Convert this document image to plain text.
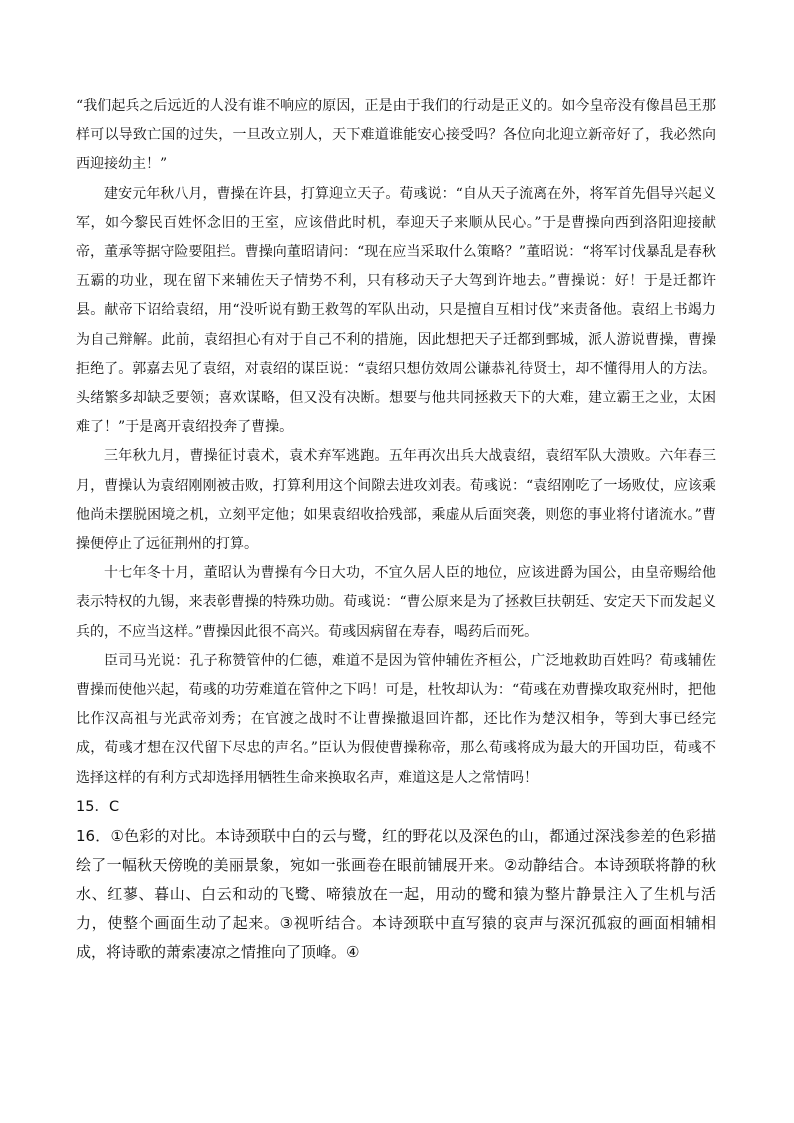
“我们起兵之后远近的人没有谁不响应的原因，正是由于我们的行动是正义的。如今皇帝没有像昌邑王那样可以导致亡国的过失，一旦改立别人，天下难道谁能安心接受吗？各位向北迎立新帝好了，我必然向西迎接幼主！”

建安元年秋八月，曹操在许县，打算迎立天子。荀彧说：“自从天子流离在外，将军首先倡导兴起义军，如今黎民百姓怀念旧的王室，应该借此时机，奉迎天子来顺从民心。”于是曹操向西到洛阳迎接献帝，董承等据守险要阻拦。曹操向董昭请问：“现在应当采取什么策略？”董昭说：“将军讨伐暴乱是春秋五霸的功业，现在留下来辅佐天子情势不利，只有移动天子大驾到许地去。”曹操说：好！于是迁都许县。献帝下诏给袁绍，用“没听说有勤王救驾的军队出动，只是擅自互相讨伐”来责备他。袁绍上书竭力为自己辩解。此前，袁绍担心有对于自己不利的措施，因此想把天子迁都到鄄城，派人游说曹操，曹操拒绝了。郭嘉去见了袁绍，对袁绍的谋臣说：“袁绍只想仿效周公谦恭礼待贤士，却不懂得用人的方法。头绪繁多却缺乏要领；喜欢谋略，但又没有决断。想要与他共同拯救天下的大难，建立霸王之业，太困难了！”于是离开袁绍投奔了曹操。

三年秋九月，曹操征讨袁术，袁术弃军逃跑。五年再次出兵大战袁绍，袁绍军队大溃败。六年春三月，曹操认为袁绍刚刚被击败，打算利用这个间隙去进攻刘表。荀彧说：“袁绍刚吃了一场败仗，应该乘他尚未摆脱困境之机，立刻平定他；如果袁绍收拾残部，乘虚从后面突袭，则您的事业将付诸流水。”曹操便停止了远征荆州的打算。

十七年冬十月，董昭认为曹操有今日大功，不宜久居人臣的地位，应该进爵为国公，由皇帝赐给他表示特权的九锡，来表彰曹操的特殊功勋。荀彧说：“曹公原来是为了拯救巨扶朝廷、安定天下而发起义兵的，不应当这样。”曹操因此很不高兴。荀彧因病留在寿春，喝药后而死。

臣司马光说：孔子称赞管仲的仁德，难道不是因为管仲辅佐齐桓公，广泛地救助百姓吗？荀彧辅佐曹操而使他兴起，荀彧的功劳难道在管仲之下吗！可是，杜牧却认为：“荀彧在劝曹操攻取兖州时，把他比作汉高祖与光武帝刘秀；在官渡之战时不让曹操撤退回许都，还比作为楚汉相争，等到大事已经完成，荀彧才想在汉代留下尽忠的声名。”臣认为假使曹操称帝，那么荀彧将成为最大的开国功臣，荀彧不选择这样的有利方式却选择用牺牲生命来换取名声，难道这是人之常情吗！

15．C

16．①色彩的对比。本诗颈联中白的云与鹭，红的野花以及深色的山，都通过深浅参差的色彩描绘了一幅秋天傍晚的美丽景象，宛如一张画卷在眼前铺展开来。②动静结合。本诗颈联将静的秋水、红蓼、暮山、白云和动的飞鹭、啼猿放在一起，用动的鹭和猿为整片静景注入了生机与活力，使整个画面生动了起来。③视听结合。本诗颈联中直写猿的哀声与深沉孤寂的画面相辅相成，将诗歌的萧索凄凉之情推向了顶峰。④
